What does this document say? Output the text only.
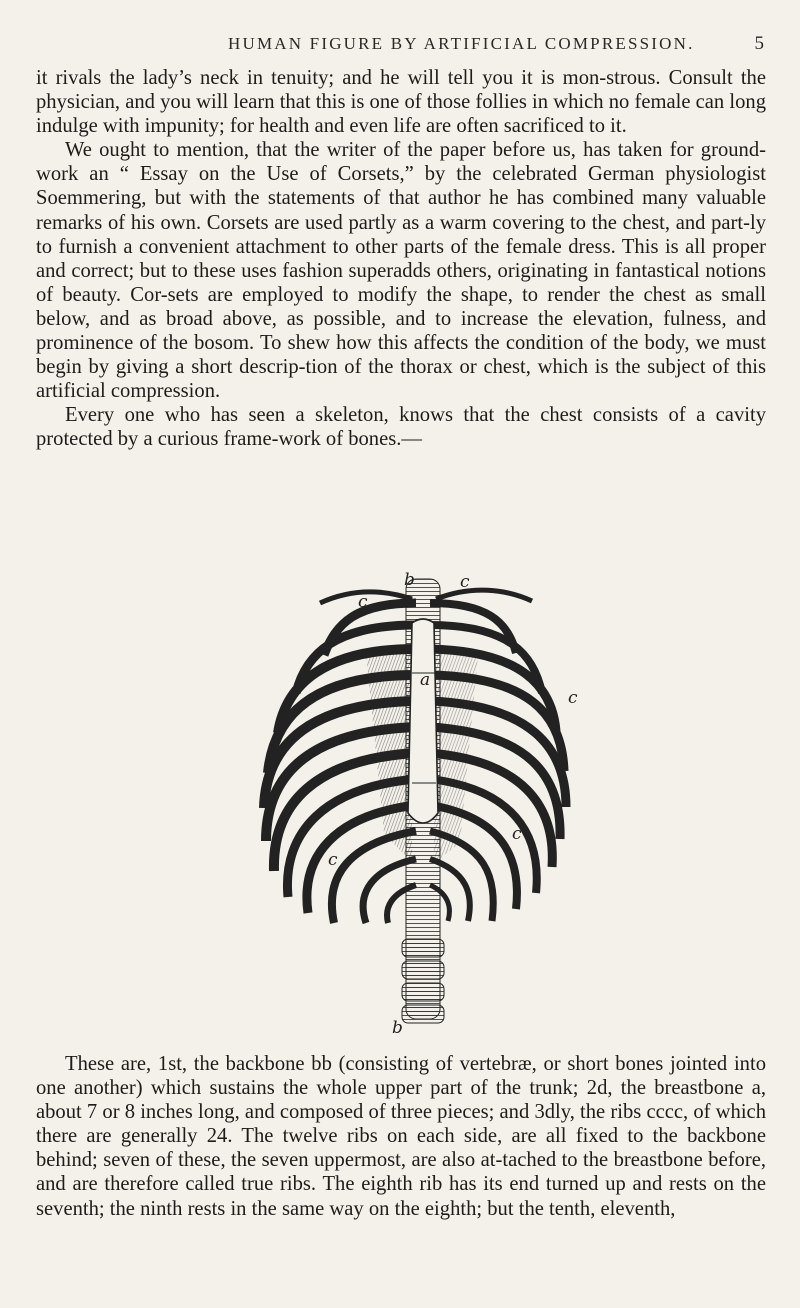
HUMAN FIGURE BY ARTIFICIAL COMPRESSION.	5

it rivals the lady’s neck in tenuity; and he will tell you it is mon-strous. Consult the physician, and you will learn that this is one of those follies in which no female can long indulge with impunity; for health and even life are often sacrificed to it.

We ought to mention, that the writer of the paper before us, has taken for ground-work an “ Essay on the Use of Corsets,” by the celebrated German physiologist Soemmering, but with the statements of that author he has combined many valuable remarks of his own. Corsets are used partly as a warm covering to the chest, and part-ly to furnish a convenient attachment to other parts of the female dress. This is all proper and correct; but to these uses fashion superadds others, originating in fantastical notions of beauty. Cor-sets are employed to modify the shape, to render the chest as small below, and as broad above, as possible, and to increase the elevation, fulness, and prominence of the bosom. To shew how this affects the condition of the body, we must begin by giving a short descrip-tion of the thorax or chest, which is the subject of this artificial compression.

Every one who has seen a skeleton, knows that the chest consists of a cavity protected by a curious frame-work of bones.—

b	c
c
a
c
c
c
b

These are, 1st, the backbone bb (consisting of vertebræ, or short bones jointed into one another) which sustains the whole upper part of the trunk; 2d, the breastbone a, about 7 or 8 inches long, and composed of three pieces; and 3dly, the ribs cccc, of which there are generally 24. The twelve ribs on each side, are all fixed to the backbone behind; seven of these, the seven uppermost, are also at-tached to the breastbone before, and are therefore called true ribs. The eighth rib has its end turned up and rests on the seventh; the ninth rests in the same way on the eighth; but the tenth, eleventh,
